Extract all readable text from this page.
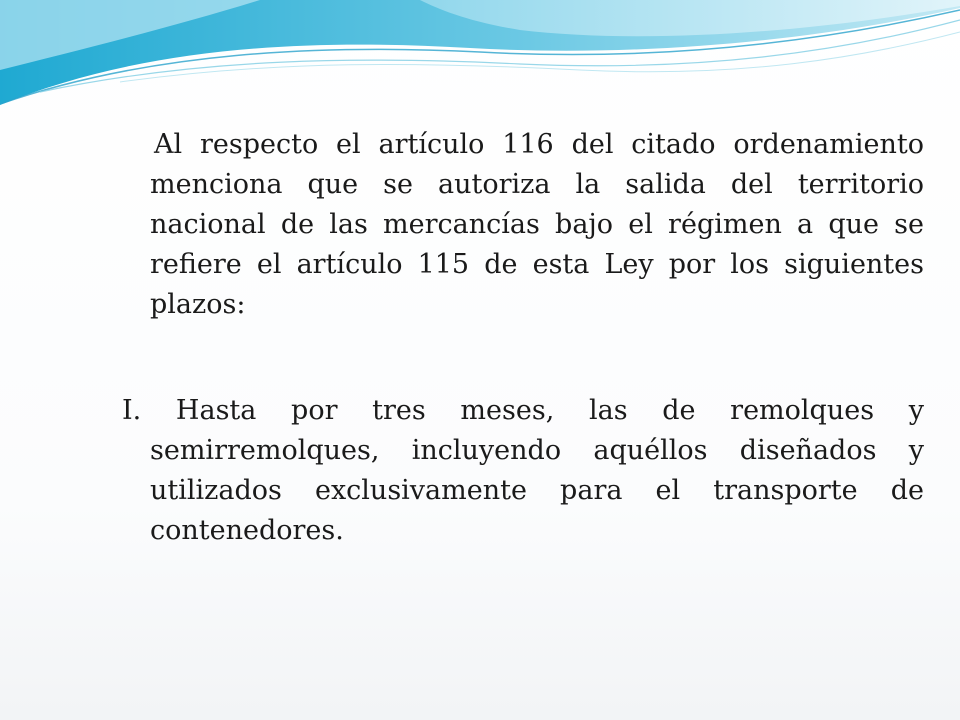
Al respecto el artículo 116 del citado ordenamiento menciona que se autoriza la salida del territorio nacional de las mercancías bajo el régimen a que se refiere el artículo 115 de esta Ley por los siguientes plazos:

I. Hasta por tres meses, las de remolques y semirremolques, incluyendo aquéllos diseñados y utilizados exclusivamente para el transporte de contenedores.
